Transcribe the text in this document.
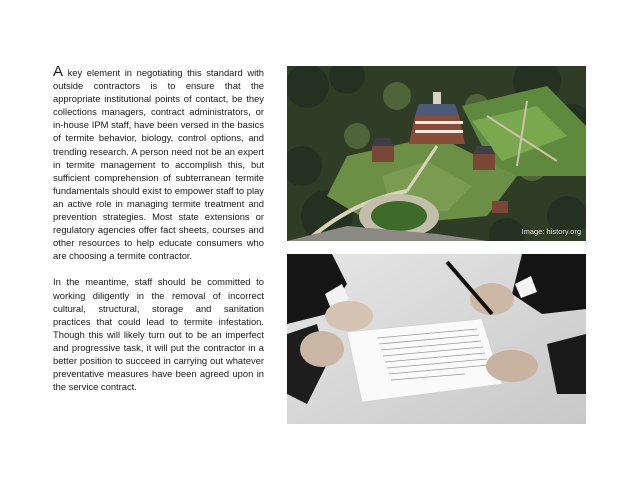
A key element in negotiating this standard with outside contractors is to ensure that the appropriate institutional points of contact, be they collections managers, contract administrators, or in-house IPM staff, have been versed in the basics of termite behavior, biology, control options, and trending research. A person need not be an expert in termite management to accomplish this, but sufficient comprehension of subterranean termite fundamentals should exist to empower staff to play an active role in managing termite treatment and prevention strategies. Most state extensions or regulatory agencies offer fact sheets, courses and other resources to help educate consumers who are choosing a termite contractor.

In the meantime, staff should be committed to working diligently in the removal of incorrect cultural, structural, storage and sanitation practices that could lead to termite infestation. Though this will likely turn out to be an imperfect and progressive task, it will put the contractor in a better position to succeed in carrying out whatever preventative measures have been agreed upon in the service contract.

Image: history.org
